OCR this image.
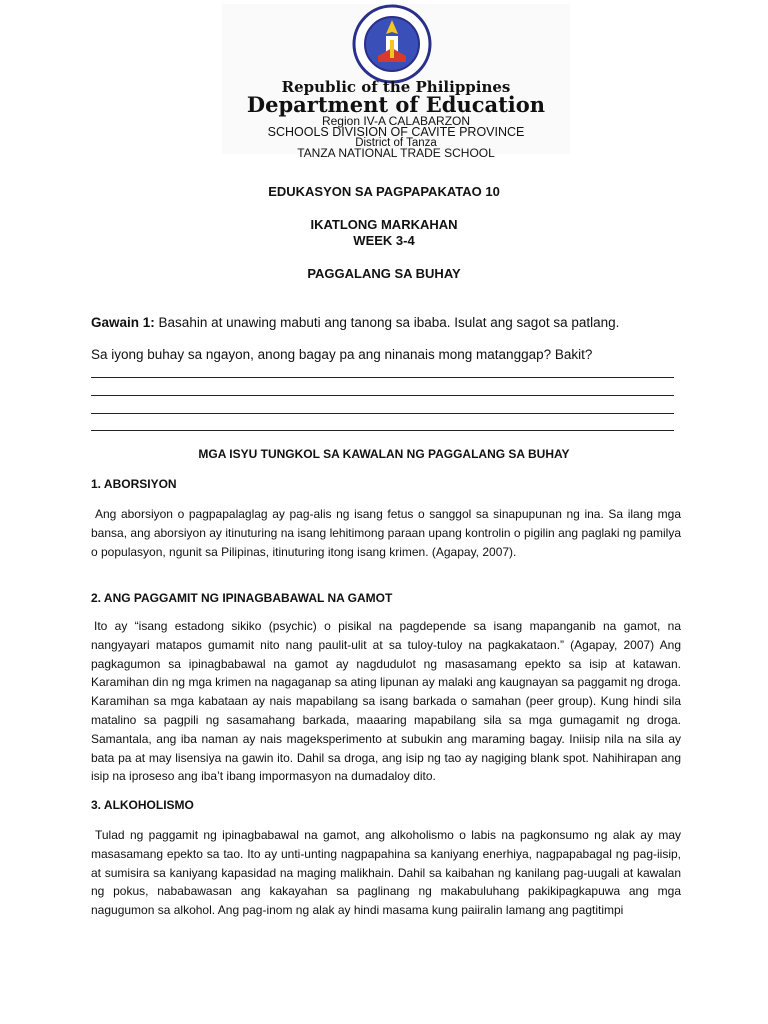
Republic of the Philippines
Department of Education
Region IV-A CALABARZON
SCHOOLS DIVISION OF CAVITE PROVINCE
District of Tanza
TANZA NATIONAL TRADE SCHOOL
EDUKASYON SA PAGPAPAKATAO 10
IKATLONG MARKAHAN
WEEK 3-4
PAGGALANG SA BUHAY
Gawain 1: Basahin at unawing mabuti ang tanong sa ibaba. Isulat ang sagot sa patlang.
Sa iyong buhay sa ngayon, anong bagay pa ang ninanais mong matanggap? Bakit?
MGA ISYU TUNGKOL SA KAWALAN NG PAGGALANG SA BUHAY
1. ABORSIYON

Ang aborsiyon o pagpapalaglag ay pag-alis ng isang fetus o sanggol sa sinapupunan ng ina. Sa ilang mga bansa, ang aborsiyon ay itinuturing na isang lehitimong paraan upang kontrolin o pigilin ang paglaki ng pamilya o populasyon, ngunit sa Pilipinas, itinuturing itong isang krimen. (Agapay, 2007).

2. ANG PAGGAMIT NG IPINAGBABAWAL NA GAMOT

Ito ay “isang estadong sikiko (psychic) o pisikal na pagdepende sa isang mapanganib na gamot, na nangyayari matapos gumamit nito nang paulit-ulit at sa tuloy-tuloy na pagkakataon.” (Agapay, 2007) Ang pagkagumon sa ipinagbabawal na gamot ay nagdudulot ng masasamang epekto sa isip at katawan. Karamihan din ng mga krimen na nagaganap sa ating lipunan ay malaki ang kaugnayan sa paggamit ng droga. Karamihan sa mga kabataan ay nais mapabilang sa isang barkada o samahan (peer group). Kung hindi sila matalino sa pagpili ng sasamahang barkada, maaaring mapabilang sila sa mga gumagamit ng droga. Samantala, ang iba naman ay nais mageksperimento at subukin ang maraming bagay. Iniisip nila na sila ay bata pa at may lisensiya na gawin ito. Dahil sa droga, ang isip ng tao ay nagiging blank spot. Nahihirapan ang isip na iproseso ang iba’t ibang impormasyon na dumadaloy dito.

3. ALKOHOLISMO

Tulad ng paggamit ng ipinagbabawal na gamot, ang alkoholismo o labis na pagkonsumo ng alak ay may masasamang epekto sa tao. Ito ay unti-unting nagpapahina sa kaniyang enerhiya, nagpapabagal ng pag-iisip, at sumisira sa kaniyang kapasidad na maging malikhain. Dahil sa kaibahan ng kanilang pag-uugali at kawalan ng pokus, nababawasan ang kakayahan sa paglinang ng makabuluhang pakikipagkapuwa ang mga nagugumon sa alkohol. Ang pag-inom ng alak ay hindi masama kung paiiralin lamang ang pagtitimpi
